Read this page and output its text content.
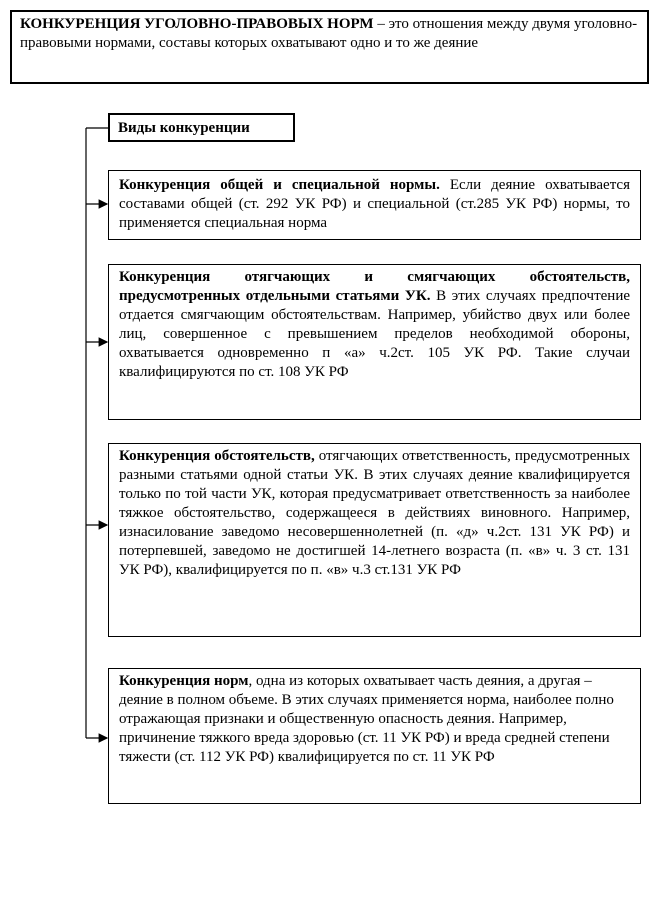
КОНКУРЕНЦИЯ УГОЛОВНО-ПРАВОВЫХ НОРМ – это отношения между двумя уголовно-правовыми нормами, составы которых охватывают одно и то же деяние
Виды конкуренции
Конкуренция общей и специальной нормы. Если деяние охватывается составами общей (ст. 292 УК РФ) и специальной (ст.285 УК РФ) нормы, то применяется специальная норма
Конкуренция отягчающих и смягчающих обстоятельств, предусмотренных отдельными статьями УК. В этих случаях предпочтение отдается смягчающим обстоятельствам. Например, убийство двух или более лиц, совершенное с превышением пределов необходимой обороны, охватывается одновременно п «а» ч.2ст. 105 УК РФ. Такие случаи квалифицируются по ст. 108 УК РФ
Конкуренция обстоятельств, отягчающих ответственность, предусмотренных разными статьями одной статьи УК. В этих случаях деяние квалифицируется только по той части УК, которая предусматривает ответственность за наиболее тяжкое обстоятельство, содержащееся в действиях виновного. Например, изнасилование заведомо несовершеннолетней (п. «д» ч.2ст. 131 УК РФ) и потерпевшей, заведомо не достигшей 14-летнего возраста (п. «в» ч. 3 ст. 131 УК РФ), квалифицируется по п. «в» ч.3 ст.131 УК РФ
Конкуренция норм, одна из которых охватывает часть деяния, а другая – деяние в полном объеме. В этих случаях применяется норма, наиболее полно отражающая признаки и общественную опасность деяния. Например, причинение тяжкого вреда здоровью (ст. 11 УК РФ) и вреда средней степени тяжести (ст. 112 УК РФ) квалифицируется по ст. 11 УК РФ
